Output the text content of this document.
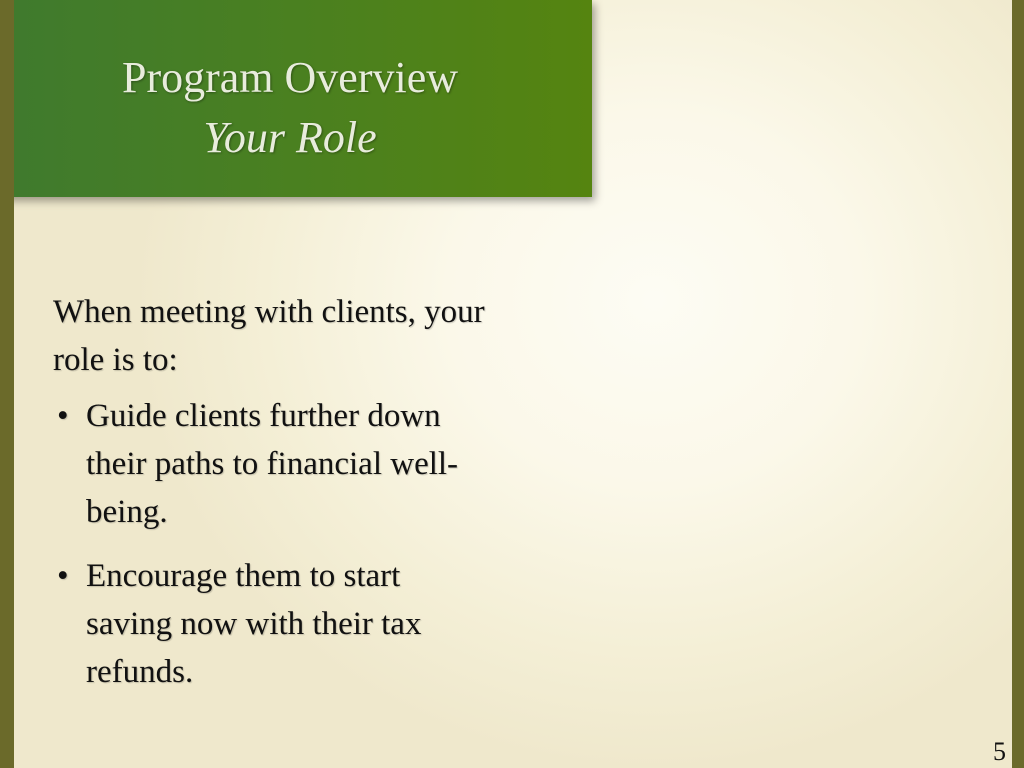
Program Overview
Your Role

When meeting with clients, your role is to:

• Guide clients further down their paths to financial well-being.
• Encourage them to start saving now with their tax refunds.
5
